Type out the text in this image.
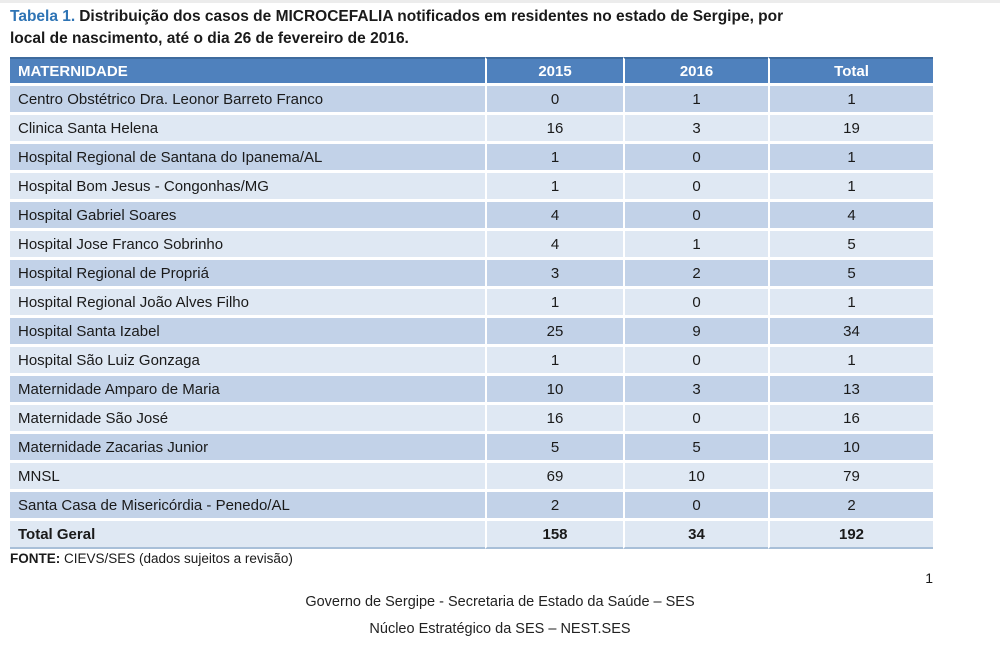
Tabela 1. Distribuição dos casos de MICROCEFALIA notificados em residentes no estado de Sergipe, por
local de nascimento, até o dia 26 de fevereiro de 2016.
MATERNIDADE	2015	2016	Total
Centro Obstétrico Dra. Leonor Barreto Franco	0	1	1
Clinica Santa Helena	16	3	19
Hospital Regional de Santana do Ipanema/AL	1	0	1
Hospital Bom Jesus - Congonhas/MG	1	0	1
Hospital Gabriel Soares	4	0	4
Hospital Jose Franco Sobrinho	4	1	5
Hospital Regional de Propriá	3	2	5
Hospital Regional João Alves Filho	1	0	1
Hospital Santa Izabel	25	9	34
Hospital São Luiz Gonzaga	1	0	1
Maternidade Amparo de Maria	10	3	13
Maternidade São José	16	0	16
Maternidade Zacarias Junior	5	5	10
MNSL	69	10	79
Santa Casa de Misericórdia - Penedo/AL	2	0	2
Total Geral	158	34	192
FONTE: CIEVS/SES (dados sujeitos a revisão)
1
Governo de Sergipe - Secretaria de Estado da Saúde – SES
Núcleo Estratégico da SES – NEST.SES
